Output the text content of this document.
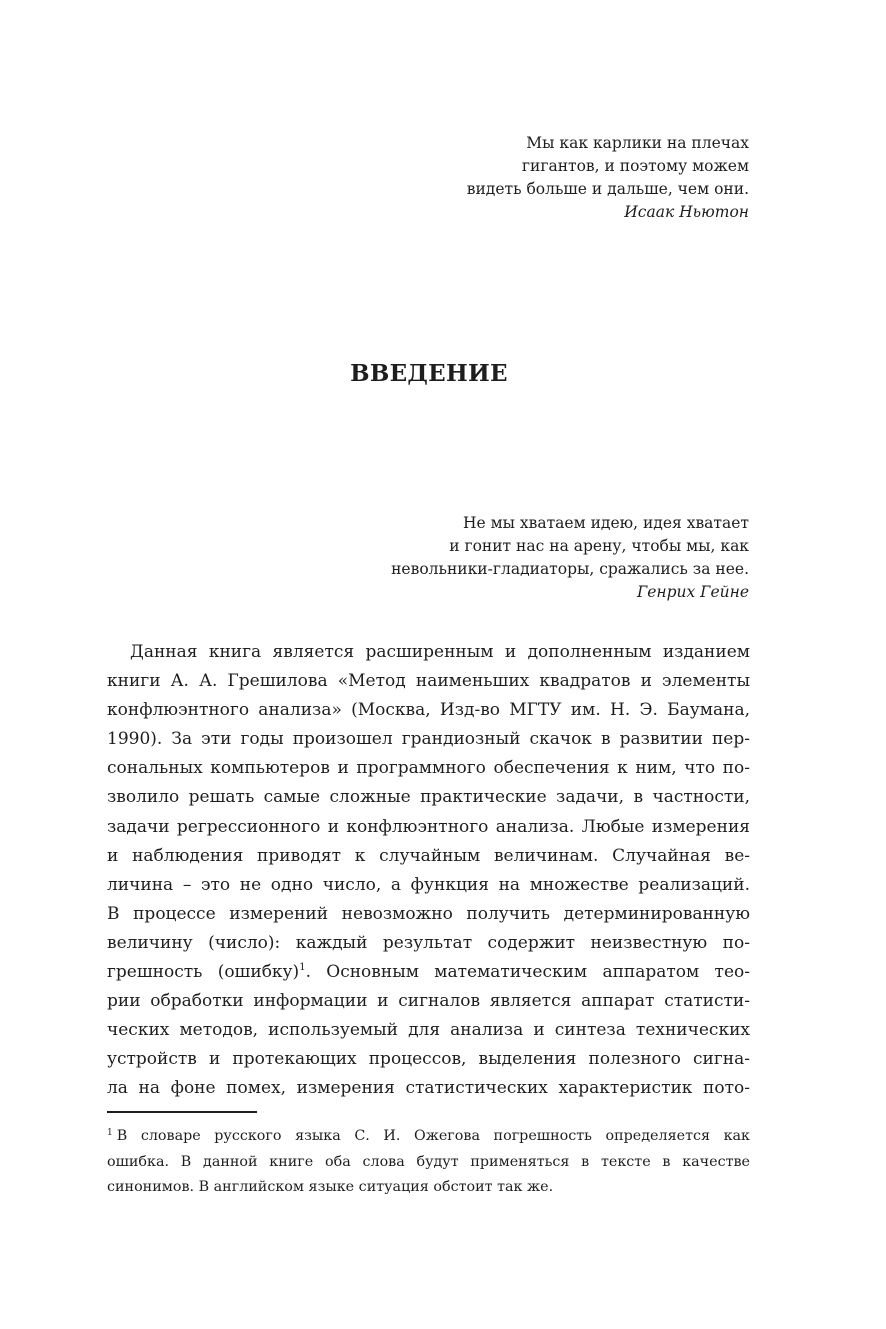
Мы как карлики на плечах
гигантов, и поэтому можем
видеть больше и дальше, чем они.
Исаак Ньютон
ВВЕДЕНИЕ
Не мы хватаем идею, идея хватает
и гонит нас на арену, чтобы мы, как
невольники-гладиаторы, сражались за нее.
Генрих Гейне
Данная книга является расширенным и дополненным изданием
книги А. А. Грешилова «Метод наименьших квадратов и элементы
конфлюэнтного анализа» (Москва, Изд-во МГТУ им. Н. Э. Баумана,
1990). За эти годы произошел грандиозный скачок в развитии пер-
сональных компьютеров и программного обеспечения к ним, что по-
зволило решать самые сложные практические задачи, в частности,
задачи регрессионного и конфлюэнтного анализа. Любые измерения
и наблюдения приводят к случайным величинам. Случайная ве-
личина – это не одно число, а функция на множестве реализаций.
В процессе измерений невозможно получить детерминированную
величину (число): каждый результат содержит неизвестную по-
грешность (ошибку)$^1$. Основным математическим аппаратом тео-
рии обработки информации и сигналов является аппарат статисти-
ческих методов, используемый для анализа и синтеза технических
устройств и протекающих процессов, выделения полезного сигна-
ла на фоне помех, измерения статистических характеристик пото-
$^1$ В словаре русского языка С. И. Ожегова погрешность определяется как
ошибка. В данной книге оба слова будут применяться в тексте в качестве
синонимов. В английском языке ситуация обстоит так же.
